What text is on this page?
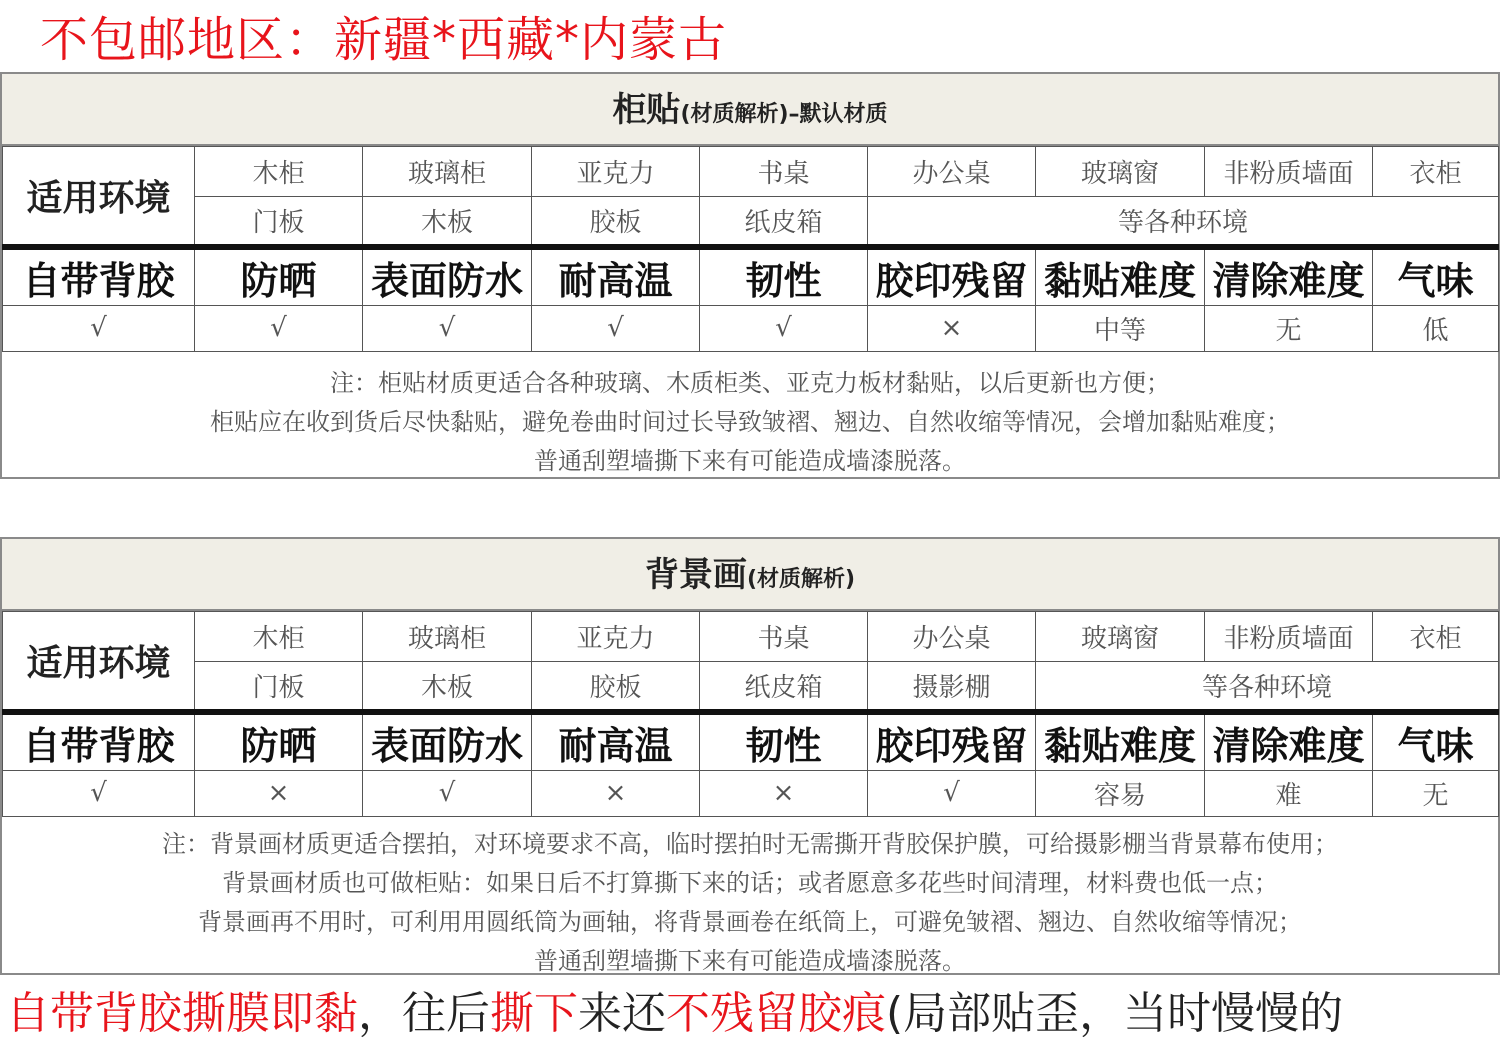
不包邮地区：新疆*西藏*内蒙古
柜贴(材质解析)–默认材质
适用环境	木柜	玻璃柜	亚克力	书桌	办公桌	玻璃窗	非粉质墙面	衣柜
	门板	木板	胶板	纸皮箱	等各种环境			
自带背胶	防晒	表面防水	耐高温	韧性	胶印残留	黏贴难度	清除难度	气味
√	√	√	√	√	×	中等	无	低
注：柜贴材质更适合各种玻璃、木质柜类、亚克力板材黏贴，以后更新也方便；
柜贴应在收到货后尽快黏贴，避免卷曲时间过长导致皱褶、翘边、自然收缩等情况，会增加黏贴难度；
普通刮塑墙撕下来有可能造成墙漆脱落。
背景画(材质解析)
适用环境	木柜	玻璃柜	亚克力	书桌	办公桌	玻璃窗	非粉质墙面	衣柜
	门板	木板	胶板	纸皮箱	摄影棚	等各种环境		
自带背胶	防晒	表面防水	耐高温	韧性	胶印残留	黏贴难度	清除难度	气味
√	×	√	×	×	√	容易	难	无
注：背景画材质更适合摆拍，对环境要求不高，临时摆拍时无需撕开背胶保护膜，可给摄影棚当背景幕布使用；
背景画材质也可做柜贴：如果日后不打算撕下来的话；或者愿意多花些时间清理，材料费也低一点；
背景画再不用时，可利用用圆纸筒为画轴，将背景画卷在纸筒上，可避免皱褶、翘边、自然收缩等情况；
普通刮塑墙撕下来有可能造成墙漆脱落。
自带背胶撕膜即黏，往后撕下来还不残留胶痕(局部贴歪，当时慢慢的
